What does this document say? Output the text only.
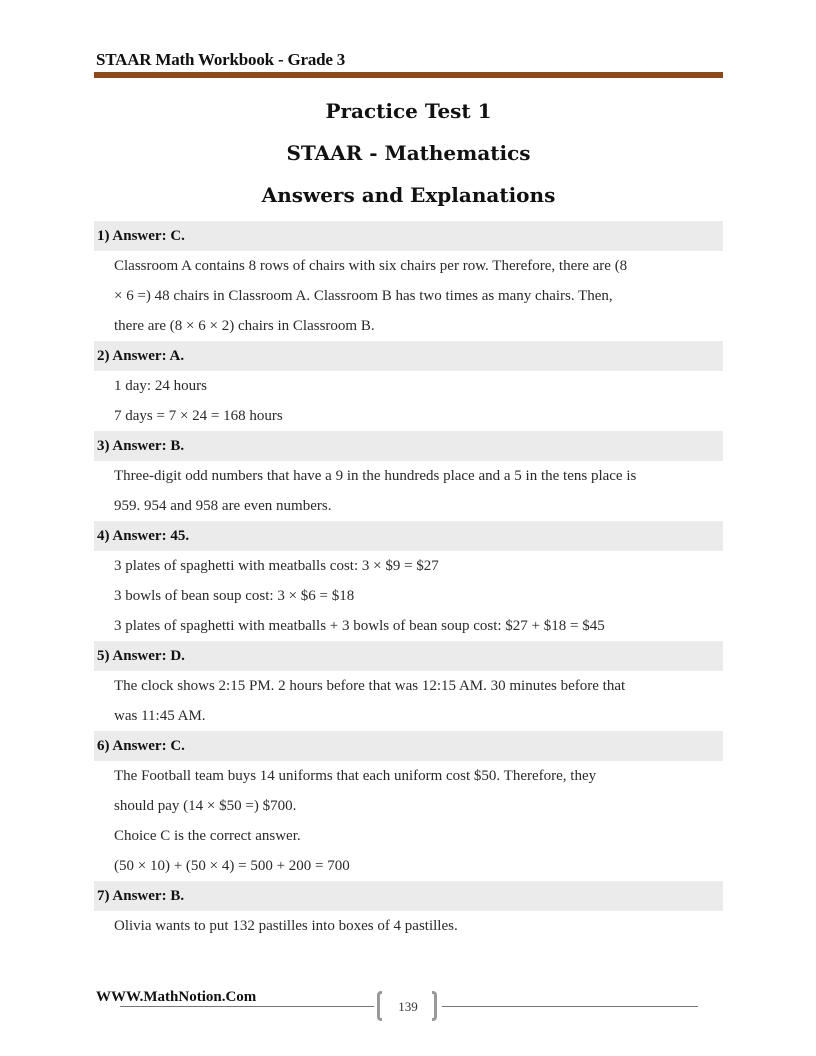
STAAR Math Workbook - Grade 3
Practice Test 1
STAAR - Mathematics
Answers and Explanations
1) Answer: C.
Classroom A contains 8 rows of chairs with six chairs per row. Therefore, there are (8
× 6 =) 48 chairs in Classroom A. Classroom B has two times as many chairs. Then,
there are (8 × 6 × 2) chairs in Classroom B.
2) Answer: A.
1 day: 24 hours
7 days = 7 × 24 = 168 hours
3) Answer: B.
Three-digit odd numbers that have a 9 in the hundreds place and a 5 in the tens place is
959. 954 and 958 are even numbers.
4) Answer: 45.
3 plates of spaghetti with meatballs cost: 3 × $9 = $27
3 bowls of bean soup cost: 3 × $6 = $18
3 plates of spaghetti with meatballs + 3 bowls of bean soup cost: $27 + $18 = $45
5) Answer: D.
The clock shows 2:15 PM. 2 hours before that was 12:15 AM. 30 minutes before that
was 11:45 AM.
6) Answer: C.
The Football team buys 14 uniforms that each uniform cost $50. Therefore, they
should pay (14 × $50 =) $700.
Choice C is the correct answer.
(50 × 10) + (50 × 4) = 500 + 200 = 700
7) Answer: B.
Olivia wants to put 132 pastilles into boxes of 4 pastilles.
WWW.MathNotion.Com
139
